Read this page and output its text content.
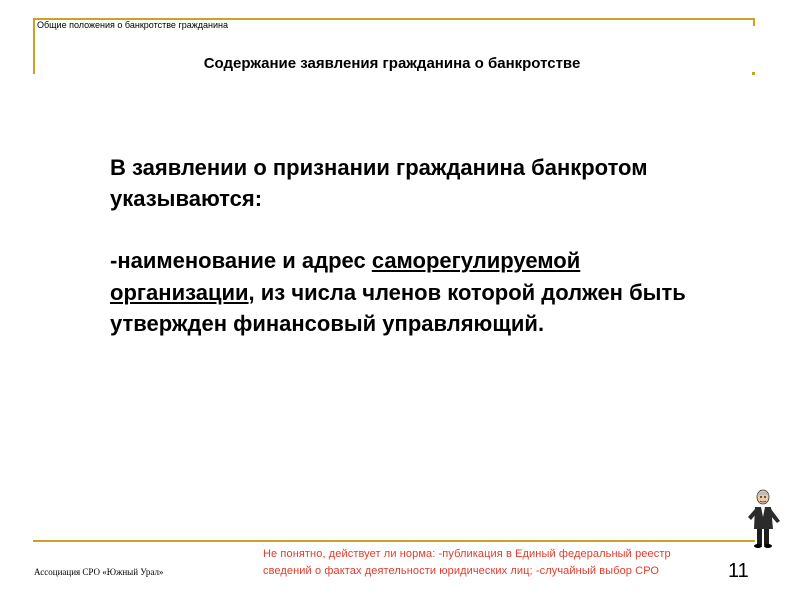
Общие положения о банкротстве гражданина
Содержание заявления гражданина о банкротстве

В заявлении о признании гражданина банкротом указываются:

-наименование и адрес саморегулируемой организации, из числа членов которой должен быть утвержден финансовый управляющий.

Ассоциация СРО «Южный Урал»
Не понятно, действует ли норма: -публикация в Единый федеральный реестр
сведений о фактах деятельности юридических лиц; -случайный выбор СРО	11
